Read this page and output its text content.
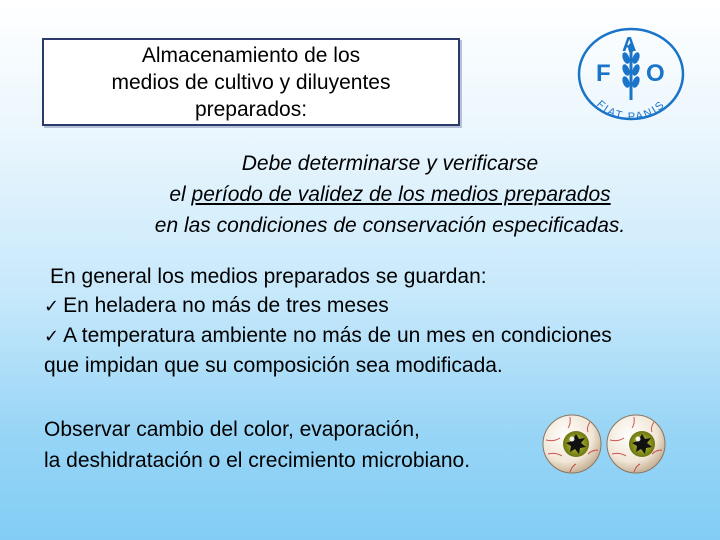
Almacenamiento de los
medios de cultivo y diluyentes
preparados:
F
A
O
FIAT PANIS
Debe determinarse y verificarse
el período de validez de los medios preparados
en las condiciones de conservación especificadas.
En general los medios preparados se guardan:
✓ En heladera no más de tres meses
✓ A temperatura ambiente no más de un mes en condiciones
que impidan que su composición sea modificada.
Observar cambio del color, evaporación,
la deshidratación o el crecimiento microbiano.
